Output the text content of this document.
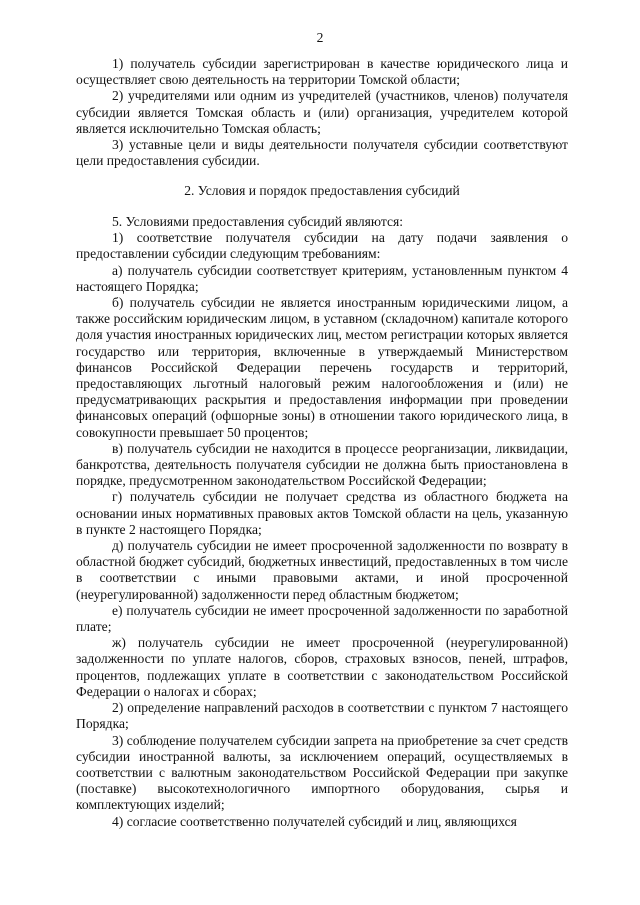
2

1) получатель субсидии зарегистрирован в качестве юридического лица и осуществляет свою деятельность на территории Томской области;

2) учредителями или одним из учредителей (участников, членов) получателя субсидии является Томская область и (или) организация, учредителем которой является исключительно Томская область;

3) уставные цели и виды деятельности получателя субсидии соответствуют цели предоставления субсидии.

2. Условия и порядок предоставления субсидий

5. Условиями предоставления субсидий являются:

1) соответствие получателя субсидии на дату подачи заявления о предоставлении субсидии следующим требованиям:

а) получатель субсидии соответствует критериям, установленным пунктом 4 настоящего Порядка;

б) получатель субсидии не является иностранным юридическими лицом, а также российским юридическим лицом, в уставном (складочном) капитале которого доля участия иностранных юридических лиц, местом регистрации которых является государство или территория, включенные в утверждаемый Министерством финансов Российской Федерации перечень государств и территорий, предоставляющих льготный налоговый режим налогообложения и (или) не предусматривающих раскрытия и предоставления информации при проведении финансовых операций (офшорные зоны) в отношении такого юридического лица, в совокупности превышает 50 процентов;

в) получатель субсидии не находится в процессе реорганизации, ликвидации, банкротства, деятельность получателя субсидии не должна быть приостановлена в порядке, предусмотренном законодательством Российской Федерации;

г) получатель субсидии не получает средства из областного бюджета на основании иных нормативных правовых актов Томской области на цель, указанную в пункте 2 настоящего Порядка;

д) получатель субсидии не имеет просроченной задолженности по возврату в областной бюджет субсидий, бюджетных инвестиций, предоставленных в том числе в соответствии с иными правовыми актами, и иной просроченной (неурегулированной) задолженности перед областным бюджетом;

е) получатель субсидии не имеет просроченной задолженности по заработной плате;

ж) получатель субсидии не имеет просроченной (неурегулированной) задолженности по уплате налогов, сборов, страховых взносов, пеней, штрафов, процентов, подлежащих уплате в соответствии с законодательством Российской Федерации о налогах и сборах;

2) определение направлений расходов в соответствии с пунктом 7 настоящего Порядка;

3) соблюдение получателем субсидии запрета на приобретение за счет средств субсидии иностранной валюты, за исключением операций, осуществляемых в соответствии с валютным законодательством Российской Федерации при закупке (поставке) высокотехнологичного импортного оборудования, сырья и комплектующих изделий;

4) согласие соответственно получателей субсидий и лиц, являющихся
